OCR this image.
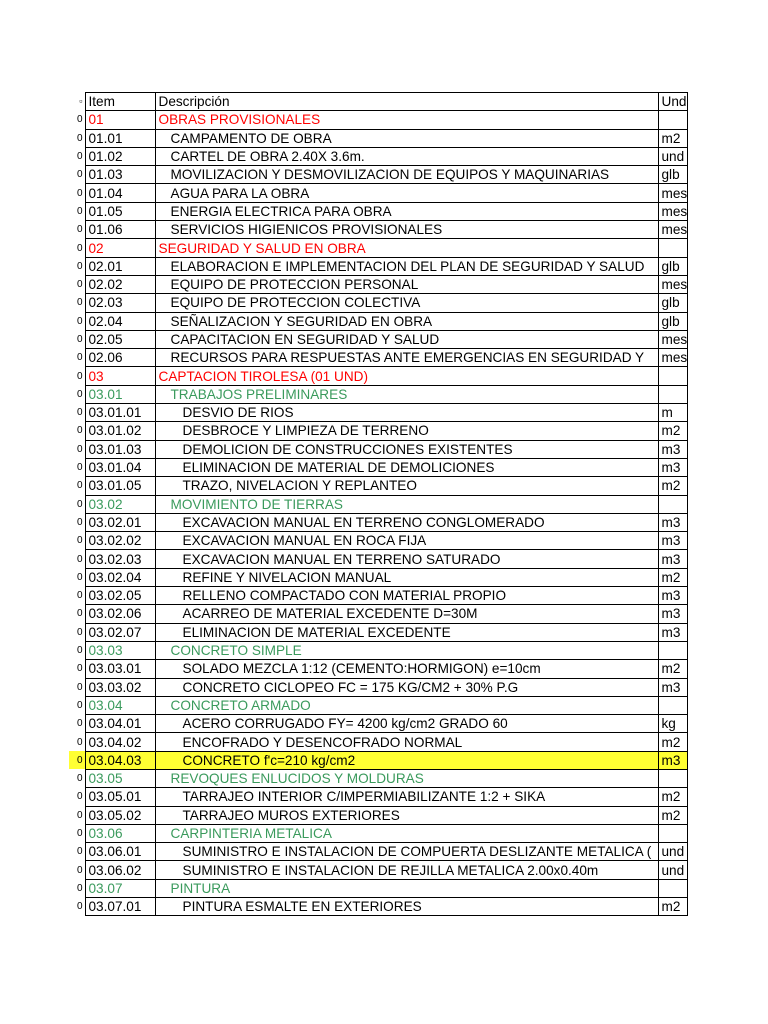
▫	Item	Descripción	Und
0	01	OBRAS PROVISIONALES	
0	01.01	CAMPAMENTO DE OBRA	m2
0	01.02	CARTEL DE OBRA 2.40X 3.6m.	und
0	01.03	MOVILIZACION Y DESMOVILIZACION DE EQUIPOS Y MAQUINARIAS	glb
0	01.04	AGUA PARA LA OBRA	mes
0	01.05	ENERGIA ELECTRICA PARA OBRA	mes
0	01.06	SERVICIOS HIGIENICOS PROVISIONALES	mes
0	02	SEGURIDAD Y SALUD EN OBRA	
0	02.01	ELABORACION E IMPLEMENTACION DEL PLAN DE SEGURIDAD Y SALUD	glb
0	02.02	EQUIPO DE PROTECCION PERSONAL	mes
0	02.03	EQUIPO DE PROTECCION COLECTIVA	glb
0	02.04	SEÑALIZACION Y SEGURIDAD EN OBRA	glb
0	02.05	CAPACITACION EN SEGURIDAD Y SALUD	mes
0	02.06	RECURSOS PARA RESPUESTAS ANTE EMERGENCIAS EN SEGURIDAD Y	mes
0	03	CAPTACION TIROLESA (01 UND)	
0	03.01	TRABAJOS PRELIMINARES	
0	03.01.01	DESVIO DE RIOS	m
0	03.01.02	DESBROCE Y LIMPIEZA DE TERRENO	m2
0	03.01.03	DEMOLICION DE CONSTRUCCIONES EXISTENTES	m3
0	03.01.04	ELIMINACION DE MATERIAL DE DEMOLICIONES	m3
0	03.01.05	TRAZO, NIVELACION Y REPLANTEO	m2
0	03.02	MOVIMIENTO DE TIERRAS	
0	03.02.01	EXCAVACION MANUAL EN TERRENO CONGLOMERADO	m3
0	03.02.02	EXCAVACION MANUAL EN ROCA FIJA	m3
0	03.02.03	EXCAVACION MANUAL EN TERRENO SATURADO	m3
0	03.02.04	REFINE Y NIVELACION MANUAL	m2
0	03.02.05	RELLENO COMPACTADO CON MATERIAL PROPIO	m3
0	03.02.06	ACARREO DE MATERIAL EXCEDENTE D=30M	m3
0	03.02.07	ELIMINACION DE MATERIAL EXCEDENTE	m3
0	03.03	CONCRETO SIMPLE	
0	03.03.01	SOLADO MEZCLA 1:12 (CEMENTO:HORMIGON) e=10cm	m2
0	03.03.02	CONCRETO CICLOPEO FC = 175 KG/CM2 + 30% P.G	m3
0	03.04	CONCRETO ARMADO	
0	03.04.01	ACERO CORRUGADO FY= 4200 kg/cm2 GRADO 60	kg
0	03.04.02	ENCOFRADO Y DESENCOFRADO NORMAL	m2
0	03.04.03	CONCRETO f'c=210 kg/cm2	m3
0	03.05	REVOQUES ENLUCIDOS Y MOLDURAS	
0	03.05.01	TARRAJEO INTERIOR C/IMPERMIABILIZANTE 1:2 + SIKA	m2
0	03.05.02	TARRAJEO MUROS EXTERIORES	m2
0	03.06	CARPINTERIA METALICA	
0	03.06.01	SUMINISTRO E INSTALACION DE COMPUERTA DESLIZANTE METALICA (	und
0	03.06.02	SUMINISTRO E INSTALACION DE REJILLA METALICA 2.00x0.40m	und
0	03.07	PINTURA	
0	03.07.01	PINTURA ESMALTE EN EXTERIORES	m2
